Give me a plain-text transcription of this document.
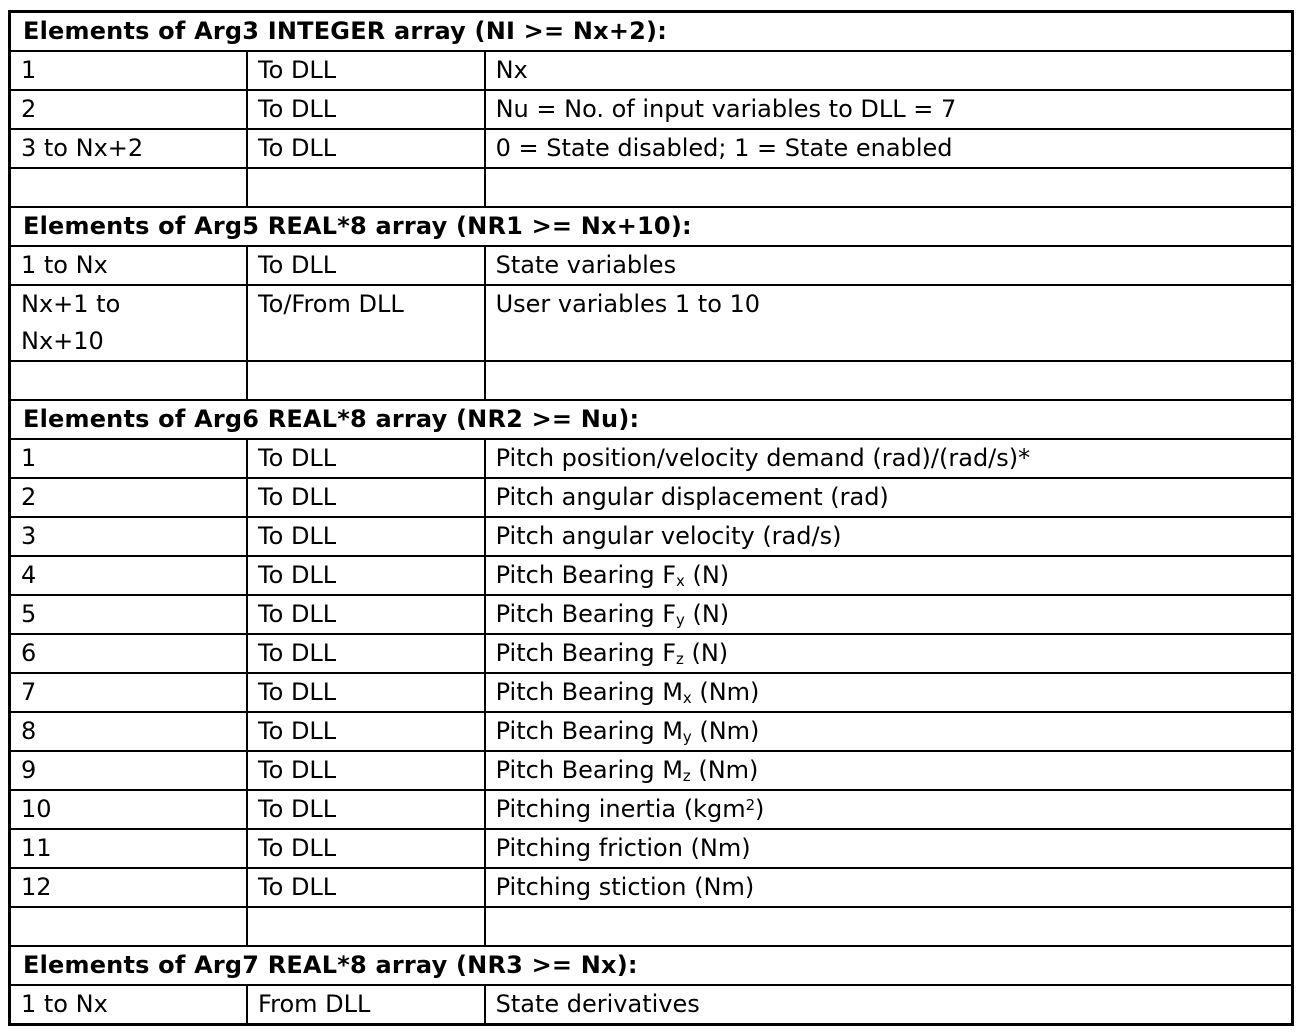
Elements of Arg3 INTEGER array (NI >= Nx+2):		
1	To DLL	Nx
2	To DLL	Nu = No. of input variables to DLL = 7
3 to Nx+2	To DLL	0 = State disabled; 1 = State enabled

Elements of Arg5 REAL*8 array (NR1 >= Nx+10):		
1 to Nx	To DLL	State variables
Nx+1 to
Nx+10	To/From DLL	User variables 1 to 10

Elements of Arg6 REAL*8 array (NR2 >= Nu):		
1	To DLL	Pitch position/velocity demand (rad)/(rad/s)*
2	To DLL	Pitch angular displacement (rad)
3	To DLL	Pitch angular velocity (rad/s)
4	To DLL	Pitch Bearing $F_x$ (N)
5	To DLL	Pitch Bearing $F_y$ (N)
6	To DLL	Pitch Bearing $F_z$ (N)
7	To DLL	Pitch Bearing $M_x$ (Nm)
8	To DLL	Pitch Bearing $M_y$ (Nm)
9	To DLL	Pitch Bearing $M_z$ (Nm)
10	To DLL	Pitching inertia (kgm$^2$)
11	To DLL	Pitching friction (Nm)
12	To DLL	Pitching stiction (Nm)

Elements of Arg7 REAL*8 array (NR3 >= Nx):		
1 to Nx	From DLL	State derivatives
